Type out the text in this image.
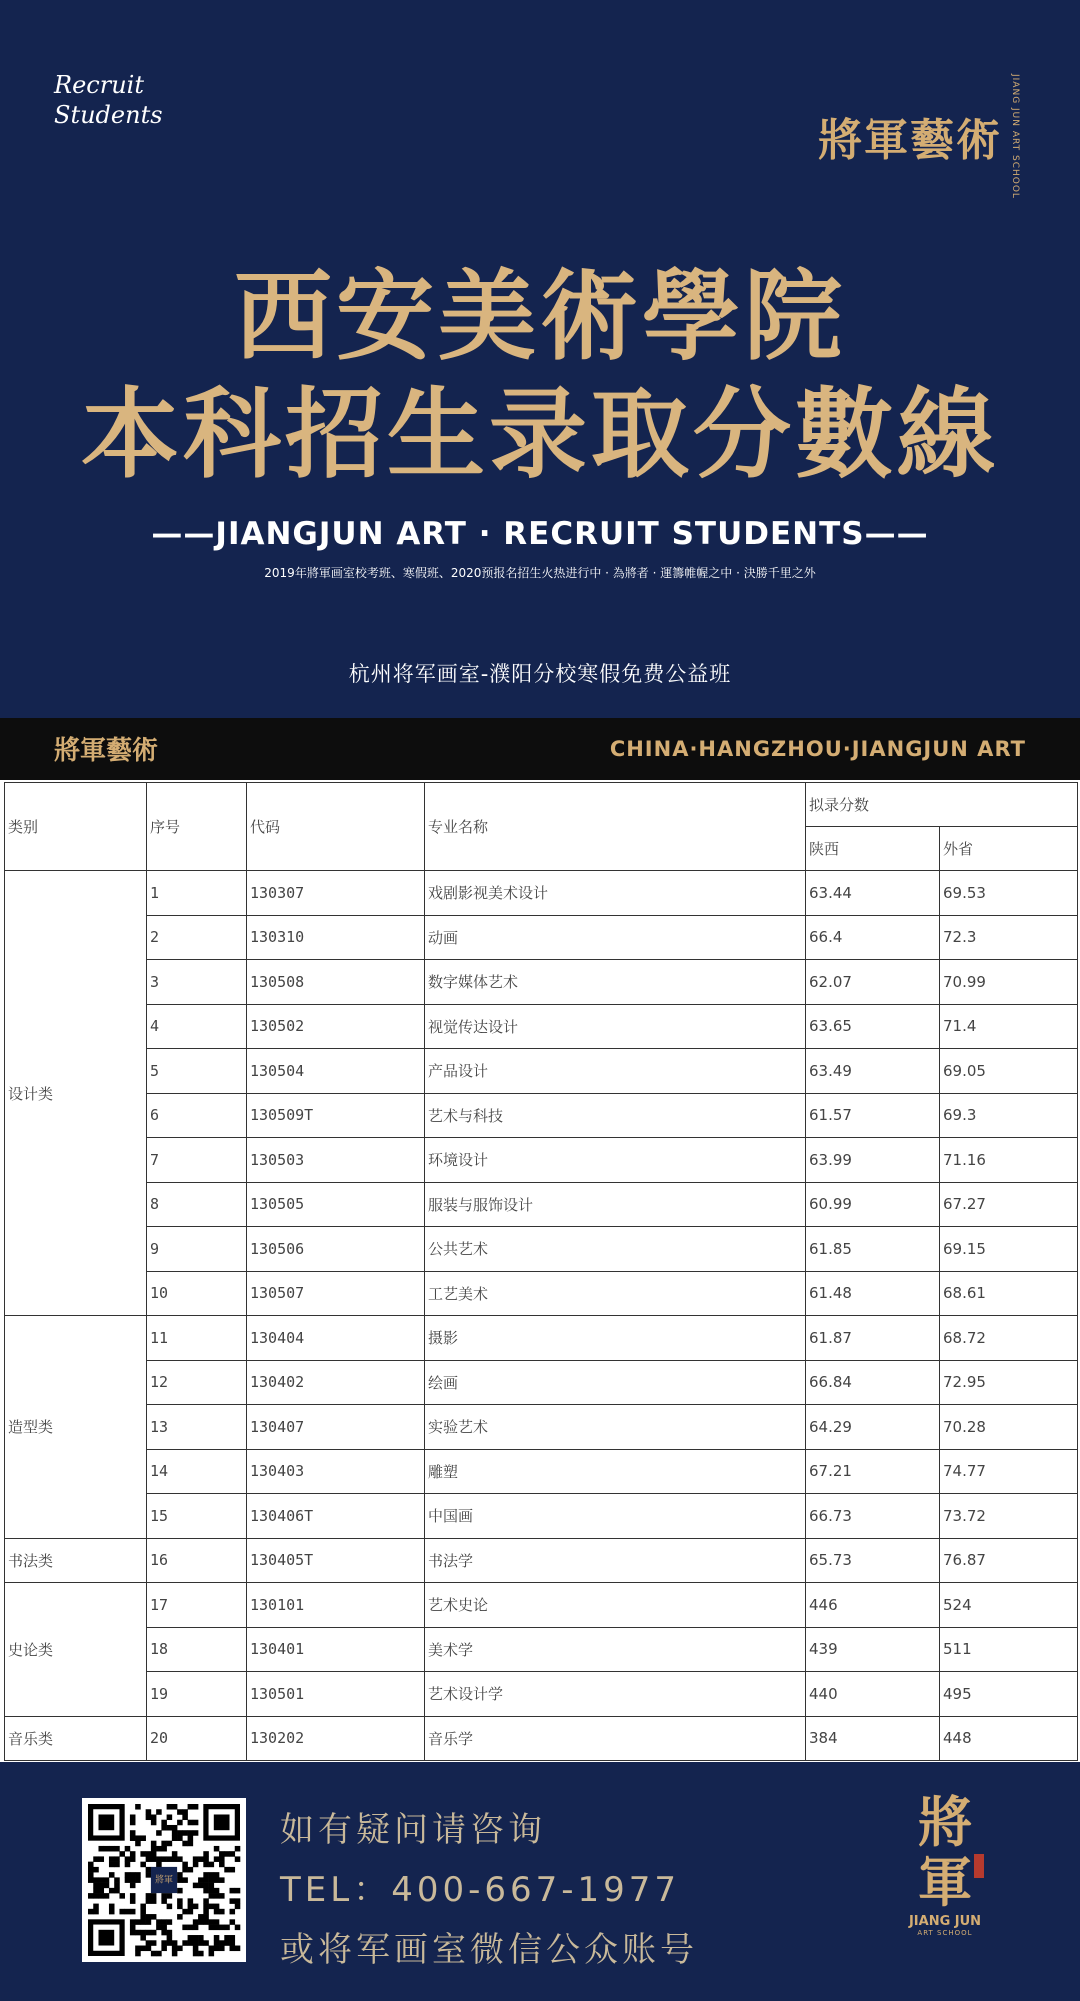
Recruit
Students
將軍藝術 JIANG JUN ART SCHOOL
西安美術學院
本科招生录取分數線
——JIANGJUN ART · RECRUIT STUDENTS——
2019年將軍画室校考班、寒假班、2020预报名招生火热进行中 · 為將者 · 運籌帷幄之中 · 決勝千里之外
杭州将军画室-濮阳分校寒假免费公益班
將軍藝術	CHINA·HANGZHOU·JIANGJUN ART
类别	序号	代码	专业名称	拟录分数	
				陕西	外省
设计类	1	130307	戏剧影视美术设计	63.44	69.53
	2	130310	动画	66.4	72.3
	3	130508	数字媒体艺术	62.07	70.99
	4	130502	视觉传达设计	63.65	71.4
	5	130504	产品设计	63.49	69.05
	6	130509T	艺术与科技	61.57	69.3
	7	130503	环境设计	63.99	71.16
	8	130505	服装与服饰设计	60.99	67.27
	9	130506	公共艺术	61.85	69.15
	10	130507	工艺美术	61.48	68.61
造型类	11	130404	摄影	61.87	68.72
	12	130402	绘画	66.84	72.95
	13	130407	实验艺术	64.29	70.28
	14	130403	雕塑	67.21	74.77
	15	130406T	中国画	66.73	73.72
书法类	16	130405T	书法学	65.73	76.87
史论类	17	130101	艺术史论	446	524
	18	130401	美术学	439	511
	19	130501	艺术设计学	440	495
音乐类	20	130202	音乐学	384	448
將軍
如有疑问请咨询
TEL：400-667-1977
或将军画室微信公众账号
將軍
JIANG JUN
ART SCHOOL
